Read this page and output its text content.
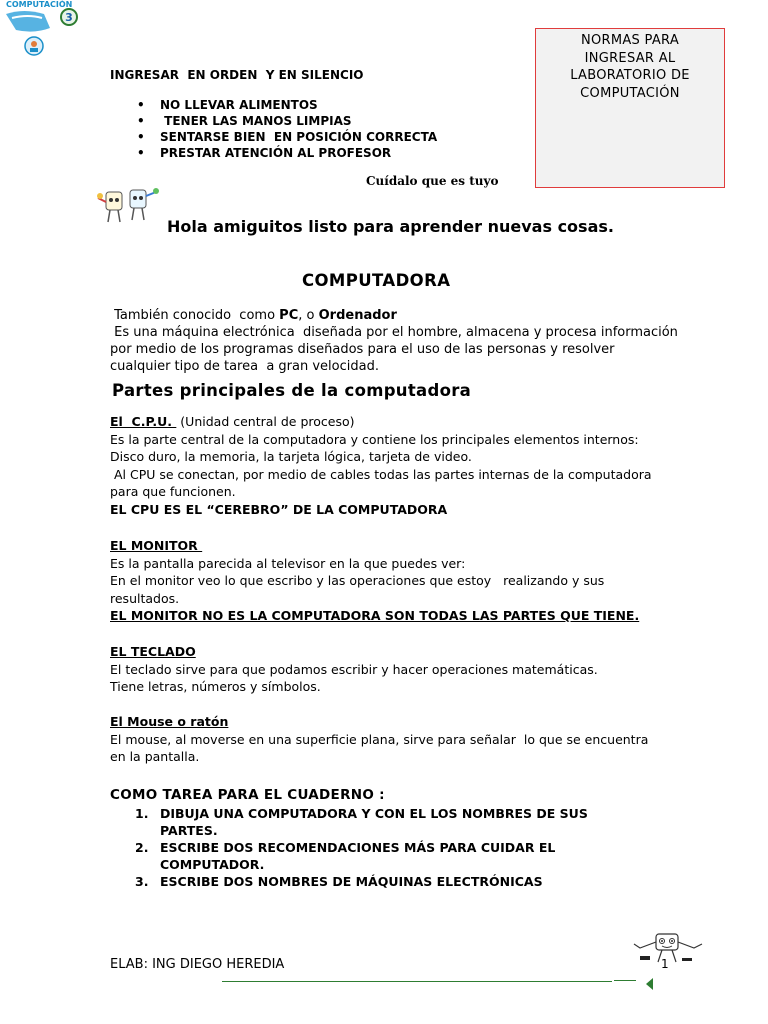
3
COMPUTACIÓN
NORMAS PARA
INGRESAR AL
LABORATORIO DE
COMPUTACIÓN
INGRESAR  EN ORDEN  Y EN SILENCIO
• NO LLEVAR ALIMENTOS
•  TENER LAS MANOS LIMPIAS
• SENTARSE BIEN  EN POSICIÓN CORRECTA
• PRESTAR ATENCIÓN AL PROFESOR
Cuídalo que es tuyo
Hola amiguitos listo para aprender nuevas cosas.
COMPUTADORA
También conocido  como PC, o Ordenador
Es una máquina electrónica  diseñada por el hombre, almacena y procesa información
por medio de los programas diseñados para el uso de las personas y resolver
cualquier tipo de tarea  a gran velocidad.
Partes principales de la computadora
El  C.P.U.  (Unidad central de proceso)
Es la parte central de la computadora y contiene los principales elementos internos:
Disco duro, la memoria, la tarjeta lógica, tarjeta de video.
Al CPU se conectan, por medio de cables todas las partes internas de la computadora
para que funcionen.
EL CPU ES EL “CEREBRO” DE LA COMPUTADORA
EL MONITOR
Es la pantalla parecida al televisor en la que puedes ver:
En el monitor veo lo que escribo y las operaciones que estoy   realizando y sus
resultados.
EL MONITOR NO ES LA COMPUTADORA SON TODAS LAS PARTES QUE TIENE.
EL TECLADO
El teclado sirve para que podamos escribir y hacer operaciones matemáticas.
Tiene letras, números y símbolos.
El Mouse o ratón
El mouse, al moverse en una superficie plana, sirve para señalar  lo que se encuentra
en la pantalla.
COMO TAREA PARA EL CUADERNO :
1. DIBUJA UNA COMPUTADORA Y CON EL LOS NOMBRES DE SUS PARTES.
2. ESCRIBE DOS RECOMENDACIONES MÁS PARA CUIDAR EL COMPUTADOR.
3. ESCRIBE DOS NOMBRES DE MÁQUINAS ELECTRÓNICAS
ELAB: ING DIEGO HEREDIA	1
